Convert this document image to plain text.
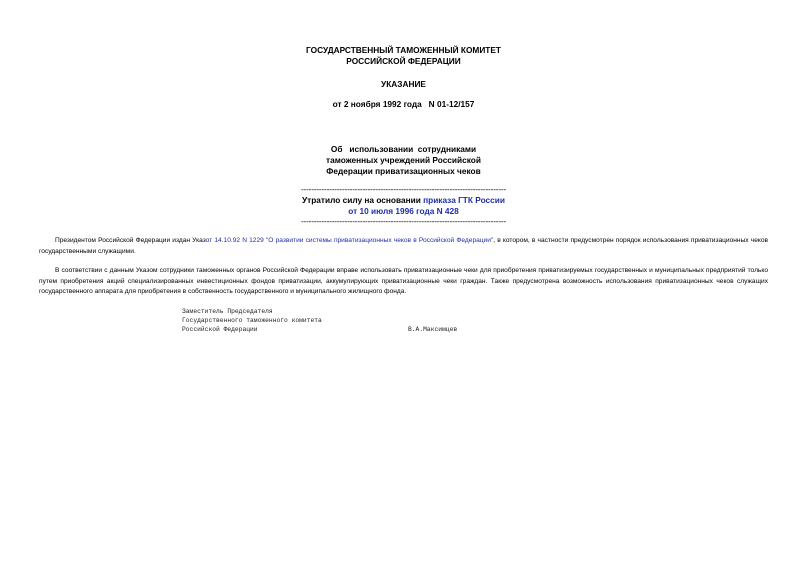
ГОСУДАРСТВЕННЫЙ ТАМОЖЕННЫЙ КОМИТЕТ
РОССИЙСКОЙ ФЕДЕРАЦИИ
УКАЗАНИЕ
от 2 ноября 1992 года   N 01-12/157
Об   использовании  сотрудниками
таможенных учреждений Российской
Федерации приватизационных чеков
--------------------------------------------------------------------------------
Утратило силу на основании приказа ГТК России
от 10 июля 1996 года N 428
--------------------------------------------------------------------------------
Президентом Российской Федерации издан Указот 14.10.92 N 1229 "О развитии системы приватизационных чеков в Российской Федерации", в котором, в частности предусмотрен порядок использования приватизационных чеков государственными служащими.
В соответствии с данным Указом сотрудники таможенных органов Российской Федерации вправе использовать приватизационные чеки для приобретения приватизируемых государственных и муниципальных предприятий только путем приобретения акций специализированных инвестиционных фондов приватизации, аккумулирующих приватизационные чеки граждан. Также предусмотрена возможность использования приватизационных чеков служащих государственного аппарата для приобретения в собственность государственного и муниципального жилищного фонда.
Заместитель Председателя
Государственного таможенного комитета
Российской Федерации	В.А.Максимцев
